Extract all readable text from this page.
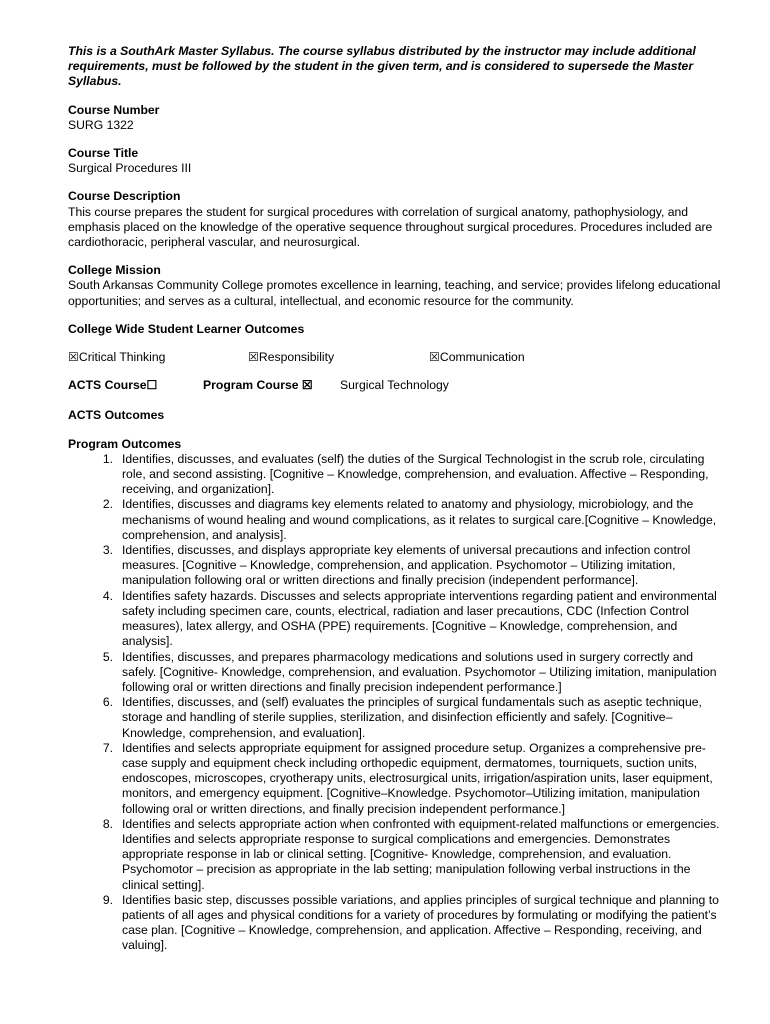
This is a SouthArk Master Syllabus. The course syllabus distributed by the instructor may include additional requirements, must be followed by the student in the given term, and is considered to supersede the Master Syllabus.

Course Number
SURG 1322
Course Title
Surgical Procedures III
Course Description
This course prepares the student for surgical procedures with correlation of surgical anatomy, pathophysiology, and emphasis placed on the knowledge of the operative sequence throughout surgical procedures. Procedures included are cardiothoracic, peripheral vascular, and neurosurgical.
College Mission
South Arkansas Community College promotes excellence in learning, teaching, and service; provides lifelong educational opportunities; and serves as a cultural, intellectual, and economic resource for the community.
College Wide Student Learner Outcomes
☒Critical Thinking	☒Responsibility	☒Communication
ACTS Course☐	Program Course ☒	Surgical Technology
ACTS Outcomes
Program Outcomes
1. Identifies, discusses, and evaluates (self) the duties of the Surgical Technologist in the scrub role, circulating role, and second assisting. [Cognitive – Knowledge, comprehension, and evaluation. Affective – Responding, receiving, and organization].
2. Identifies, discusses and diagrams key elements related to anatomy and physiology, microbiology, and the mechanisms of wound healing and wound complications, as it relates to surgical care.[Cognitive – Knowledge, comprehension, and analysis].
3. Identifies, discusses, and displays appropriate key elements of universal precautions and infection control measures. [Cognitive – Knowledge, comprehension, and application. Psychomotor – Utilizing imitation, manipulation following oral or written directions and finally precision (independent performance].
4. Identifies safety hazards. Discusses and selects appropriate interventions regarding patient and environmental safety including specimen care, counts, electrical, radiation and laser precautions, CDC (Infection Control measures), latex allergy, and OSHA (PPE) requirements. [Cognitive – Knowledge, comprehension, and analysis].
5. Identifies, discusses, and prepares pharmacology medications and solutions used in surgery correctly and safely. [Cognitive- Knowledge, comprehension, and evaluation. Psychomotor – Utilizing imitation, manipulation following oral or written directions and finally precision independent performance.]
6. Identifies, discusses, and (self) evaluates the principles of surgical fundamentals such as aseptic technique, storage and handling of sterile supplies, sterilization, and disinfection efficiently and safely. [Cognitive– Knowledge, comprehension, and evaluation].
7. Identifies and selects appropriate equipment for assigned procedure setup. Organizes a comprehensive pre-case supply and equipment check including orthopedic equipment, dermatomes, tourniquets, suction units, endoscopes, microscopes, cryotherapy units, electrosurgical units, irrigation/aspiration units, laser equipment, monitors, and emergency equipment. [Cognitive–Knowledge. Psychomotor–Utilizing imitation, manipulation following oral or written directions, and finally precision independent performance.]
8. Identifies and selects appropriate action when confronted with equipment-related malfunctions or emergencies. Identifies and selects appropriate response to surgical complications and emergencies. Demonstrates appropriate response in lab or clinical setting. [Cognitive- Knowledge, comprehension, and evaluation. Psychomotor – precision as appropriate in the lab setting; manipulation following verbal instructions in the clinical setting].
9. Identifies basic step, discusses possible variations, and applies principles of surgical technique and planning to patients of all ages and physical conditions for a variety of procedures by formulating or modifying the patient’s case plan. [Cognitive – Knowledge, comprehension, and application. Affective – Responding, receiving, and valuing].
